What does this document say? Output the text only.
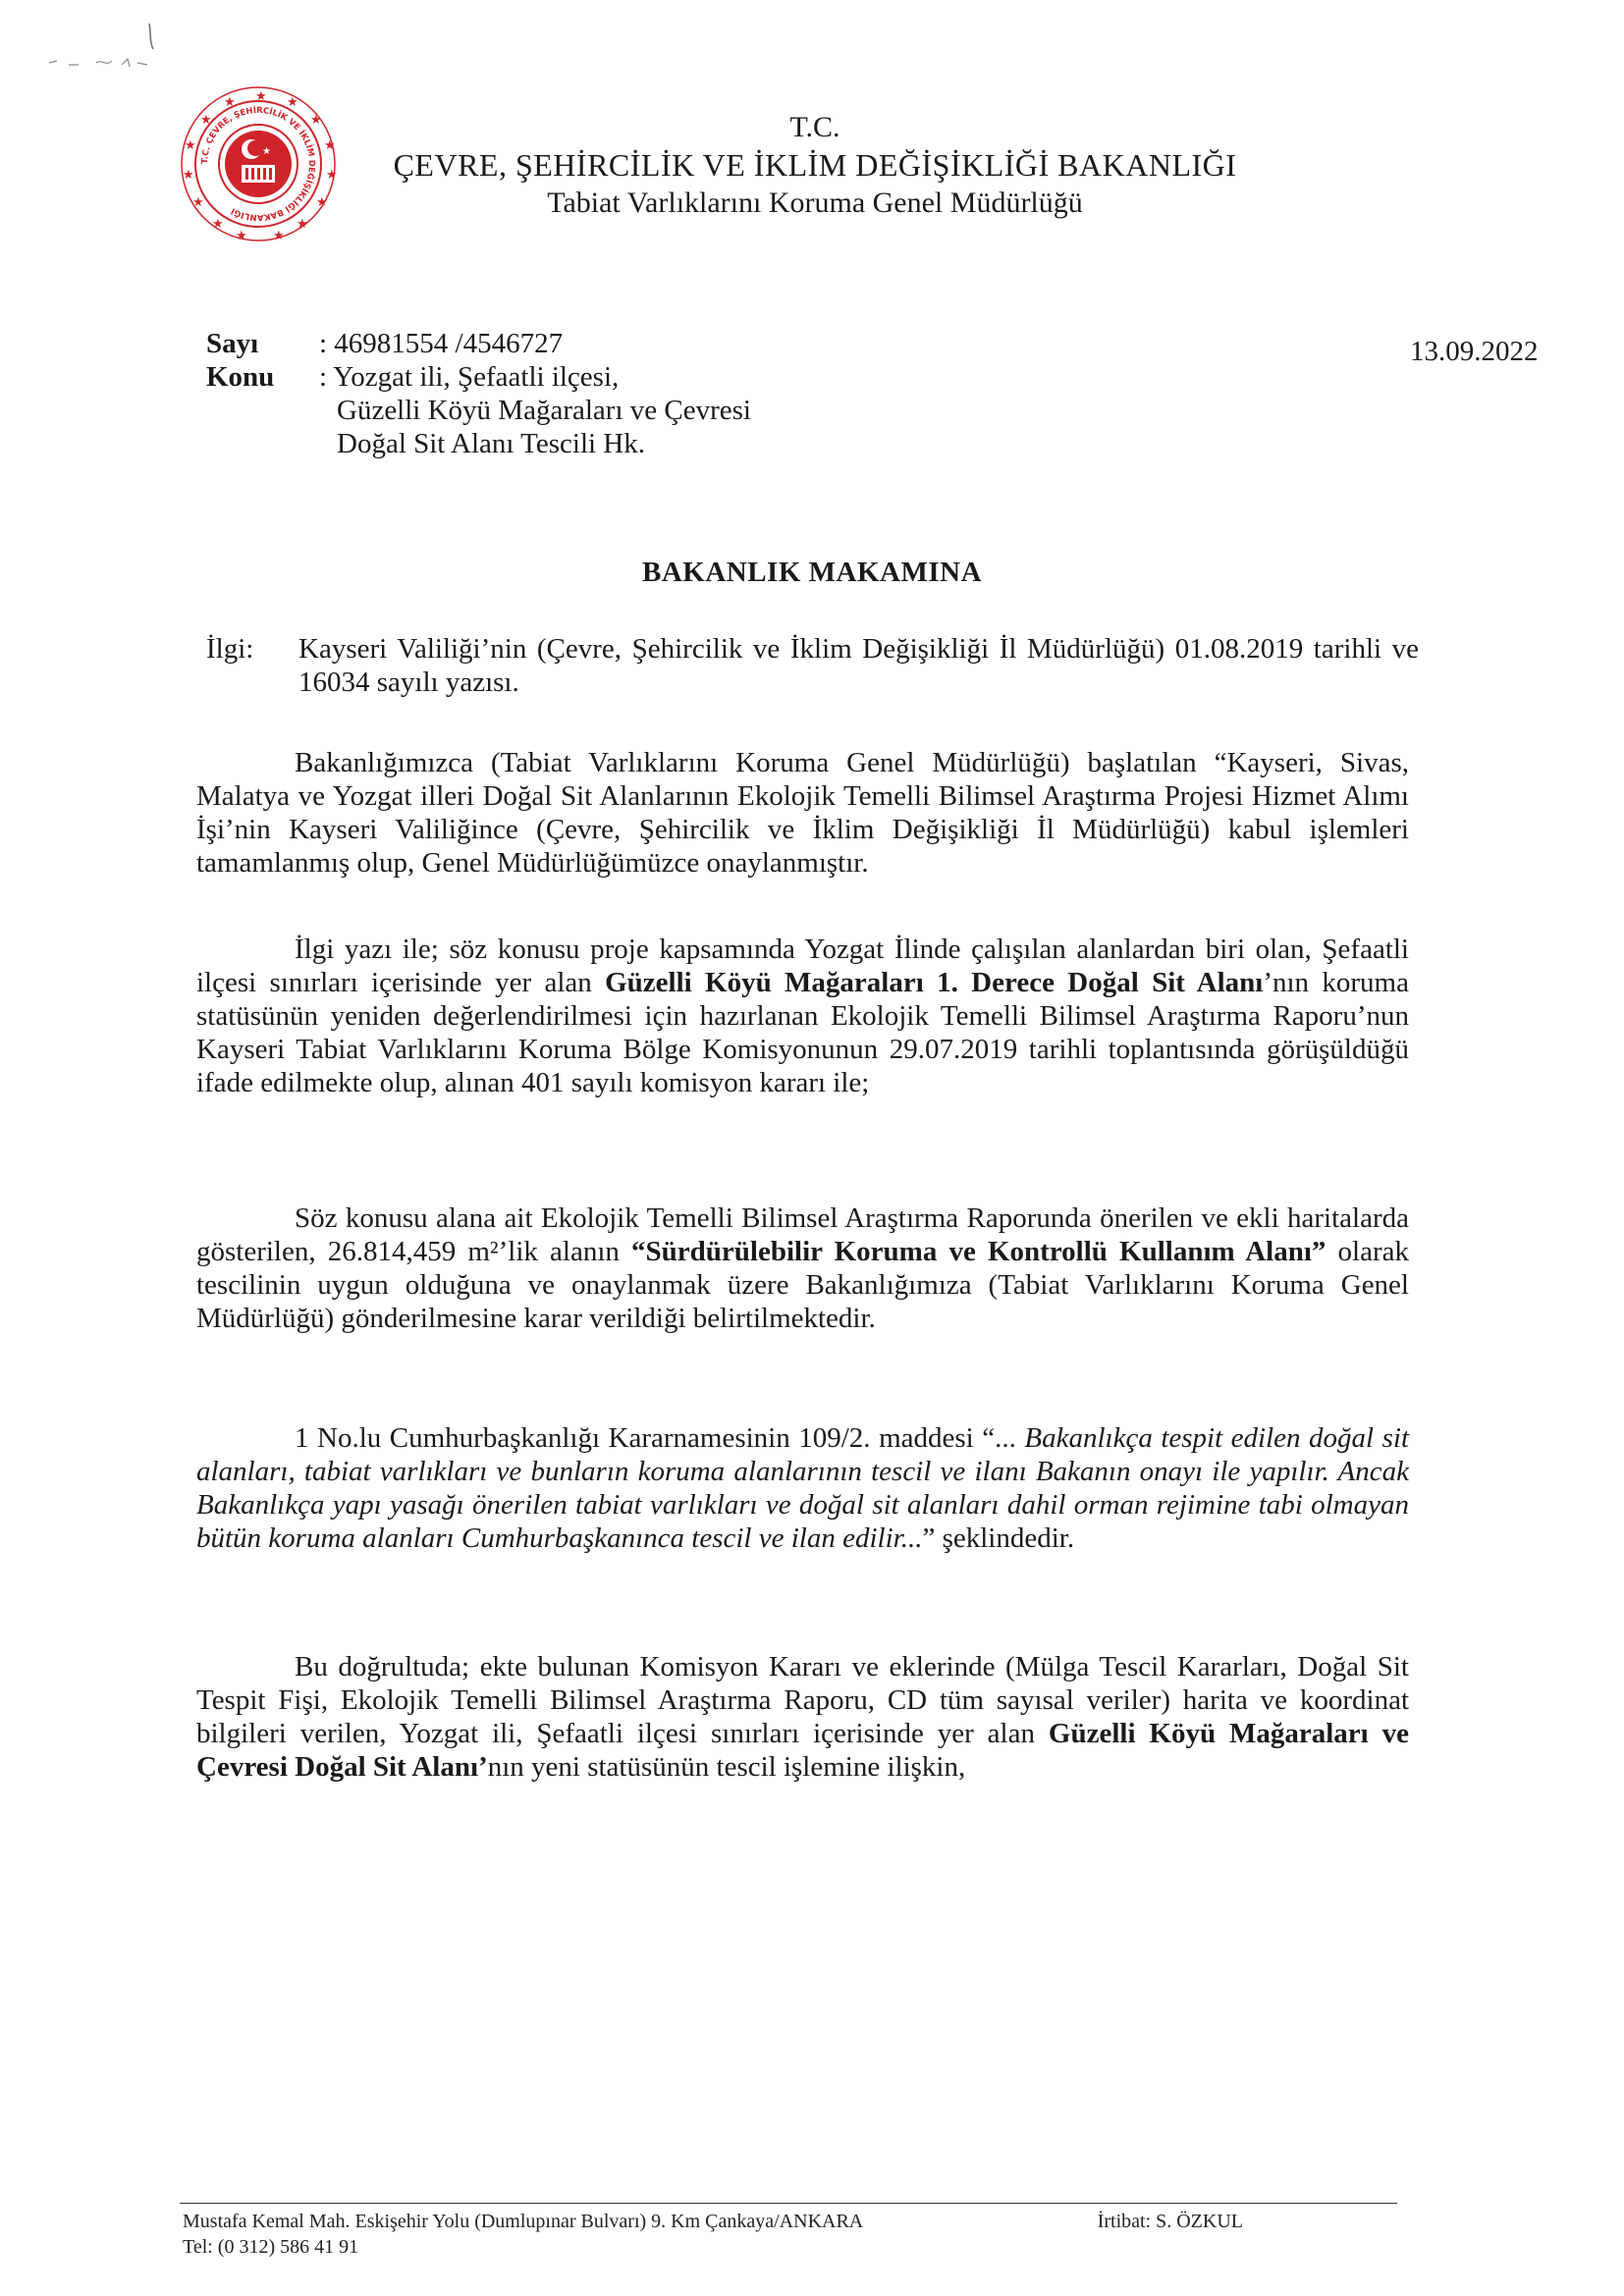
★
★	★
★	★
★	★
★	★
★	★
★	★
★ ★
T.C. ÇEVRE, ŞEHİRCİLİK VE İKLİM DEĞİŞİKLİĞİ BAKANLIĞI
★
T.C.
ÇEVRE, ŞEHİRCİLİK VE İKLİM DEĞİŞİKLİĞİ BAKANLIĞI
Tabiat Varlıklarını Koruma Genel Müdürlüğü
Sayı	: 46981554 /4546727
Konu	: Yozgat ili, Şefaatli ilçesi,
Güzelli Köyü Mağaraları ve Çevresi
Doğal Sit Alanı Tescili Hk.
13.09.2022
BAKANLIK MAKAMINA
İlgi:	Kayseri Valiliği’nin (Çevre, Şehircilik ve İklim Değişikliği İl Müdürlüğü) 01.08.2019 tarihli ve 16034 sayılı yazısı.

Bakanlığımızca (Tabiat Varlıklarını Koruma Genel Müdürlüğü) başlatılan “Kayseri, Sivas, Malatya ve Yozgat illeri Doğal Sit Alanlarının Ekolojik Temelli Bilimsel Araştırma Projesi Hizmet Alımı İşi’nin Kayseri Valiliğince (Çevre, Şehircilik ve İklim Değişikliği İl Müdürlüğü) kabul işlemleri tamamlanmış olup, Genel Müdürlüğümüzce onaylanmıştır.

İlgi yazı ile; söz konusu proje kapsamında Yozgat İlinde çalışılan alanlardan biri olan, Şefaatli ilçesi sınırları içerisinde yer alan Güzelli Köyü Mağaraları 1. Derece Doğal Sit Alanı’nın koruma statüsünün yeniden değerlendirilmesi için hazırlanan Ekolojik Temelli Bilimsel Araştırma Raporu’nun Kayseri Tabiat Varlıklarını Koruma Bölge Komisyonunun 29.07.2019 tarihli toplantısında görüşüldüğü ifade edilmekte olup, alınan 401 sayılı komisyon kararı ile;

Söz konusu alana ait Ekolojik Temelli Bilimsel Araştırma Raporunda önerilen ve ekli haritalarda gösterilen, 26.814,459 m²’lik alanın “Sürdürülebilir Koruma ve Kontrollü Kullanım Alanı” olarak tescilinin uygun olduğuna ve onaylanmak üzere Bakanlığımıza (Tabiat Varlıklarını Koruma Genel Müdürlüğü) gönderilmesine karar verildiği belirtilmektedir.

1 No.lu Cumhurbaşkanlığı Kararnamesinin 109/2. maddesi “... Bakanlıkça tespit edilen doğal sit alanları, tabiat varlıkları ve bunların koruma alanlarının tescil ve ilanı Bakanın onayı ile yapılır. Ancak Bakanlıkça yapı yasağı önerilen tabiat varlıkları ve doğal sit alanları dahil orman rejimine tabi olmayan bütün koruma alanları Cumhurbaşkanınca tescil ve ilan edilir...” şeklindedir.

Bu doğrultuda; ekte bulunan Komisyon Kararı ve eklerinde (Mülga Tescil Kararları, Doğal Sit Tespit Fişi, Ekolojik Temelli Bilimsel Araştırma Raporu, CD tüm sayısal veriler) harita ve koordinat bilgileri verilen, Yozgat ili, Şefaatli ilçesi sınırları içerisinde yer alan Güzelli Köyü Mağaraları ve Çevresi Doğal Sit Alanı’nın yeni statüsünün tescil işlemine ilişkin,

Mustafa Kemal Mah. Eskişehir Yolu (Dumlupınar Bulvarı) 9. Km Çankaya/ANKARA	İrtibat: S. ÖZKUL
Tel: (0 312) 586 41 91
